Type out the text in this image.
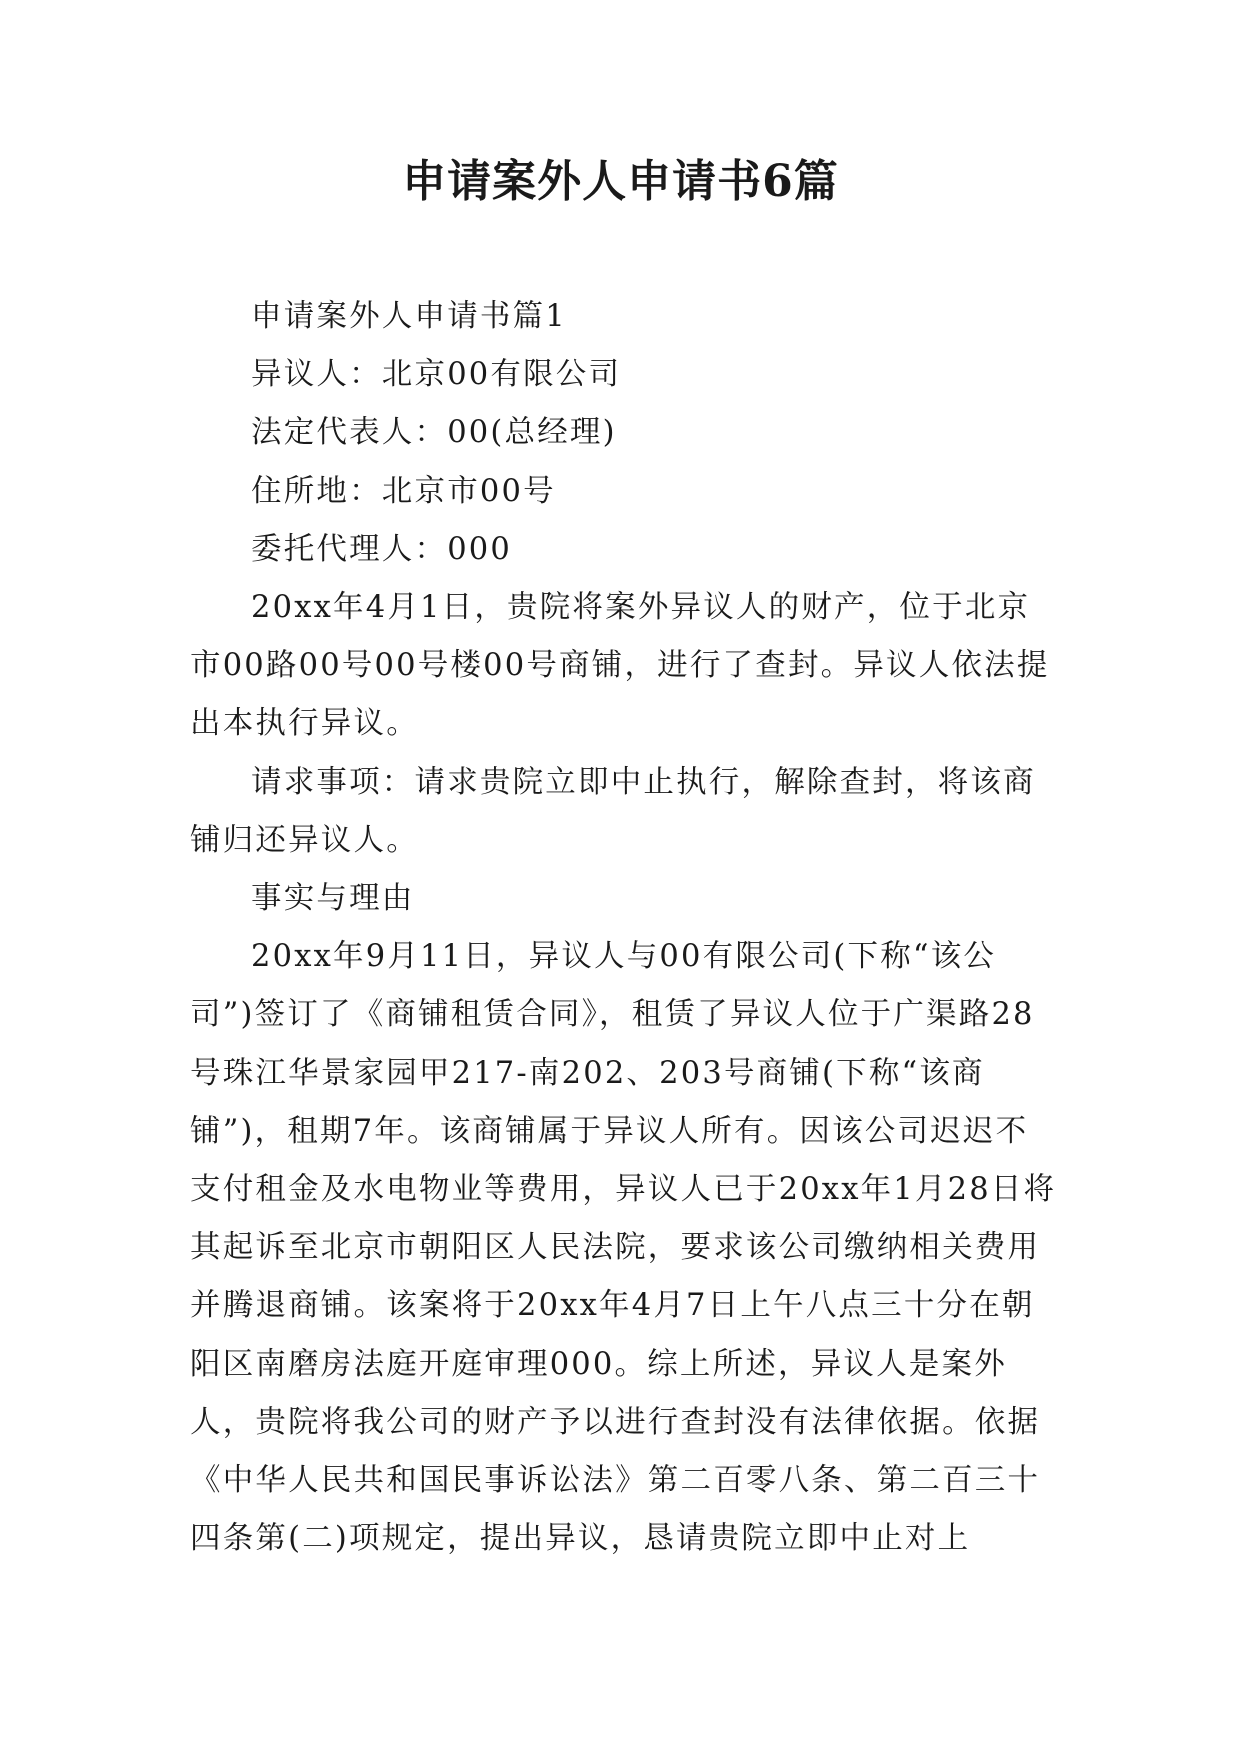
申请案外人申请书6篇

申请案外人申请书篇1

异议人：北京00有限公司

法定代表人：00(总经理)

住所地：北京市00号

委托代理人：000

20xx年4月1日，贵院将案外异议人的财产，位于北京市00路00号00号楼00号商铺，进行了查封。异议人依法提出本执行异议。

请求事项：请求贵院立即中止执行，解除查封，将该商铺归还异议人。

事实与理由

20xx年9月11日，异议人与00有限公司(下称“该公司”)签订了《商铺租赁合同》，租赁了异议人位于广渠路28号珠江华景家园甲217-南202、203号商铺(下称“该商铺”)，租期7年。该商铺属于异议人所有。因该公司迟迟不支付租金及水电物业等费用，异议人已于20xx年1月28日将其起诉至北京市朝阳区人民法院，要求该公司缴纳相关费用并腾退商铺。该案将于20xx年4月7日上午八点三十分在朝阳区南磨房法庭开庭审理000。综上所述，异议人是案外人，贵院将我公司的财产予以进行查封没有法律依据。依据《中华人民共和国民事诉讼法》第二百零八条、第二百三十四条第(二)项规定，提出异议，恳请贵院立即中止对上
